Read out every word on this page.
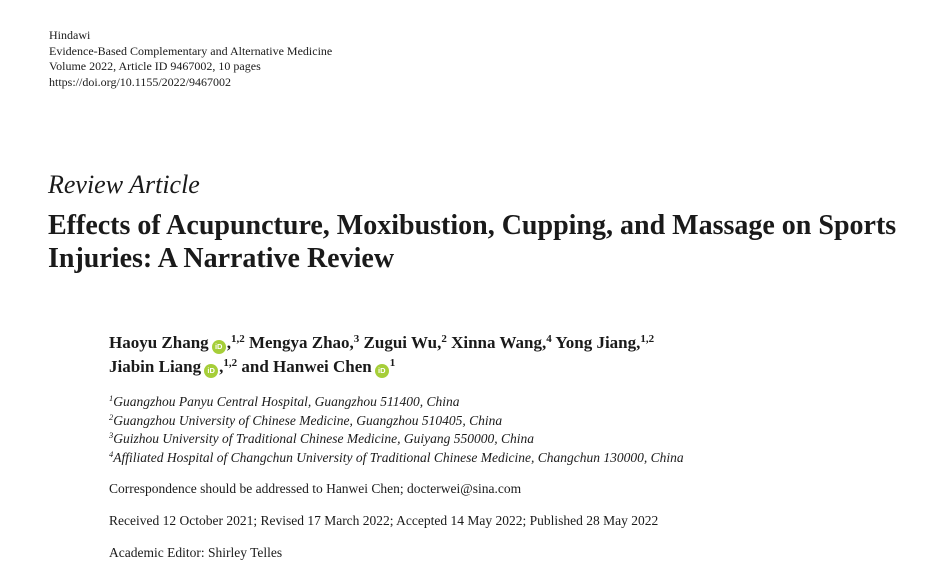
Hindawi
Evidence-Based Complementary and Alternative Medicine
Volume 2022, Article ID 9467002, 10 pages
https://doi.org/10.1155/2022/9467002
Review Article
Effects of Acupuncture, Moxibustion, Cupping, and Massage on Sports Injuries: A Narrative Review
Haoyu Zhang iD ,$^{1,2}$ Mengya Zhao,$^3$ Zugui Wu,$^2$ Xinna Wang,$^4$ Yong Jiang,$^{1,2}$
Jiabin Liang iD ,$^{1,2}$ and Hanwei Chen $iD^1$
$^1$Guangzhou Panyu Central Hospital, Guangzhou 511400, China
$^2$Guangzhou University of Chinese Medicine, Guangzhou 510405, China
$^3$Guizhou University of Traditional Chinese Medicine, Guiyang 550000, China
$^4$Affiliated Hospital of Changchun University of Traditional Chinese Medicine, Changchun 130000, China
Correspondence should be addressed to Hanwei Chen; docterwei@sina.com
Received 12 October 2021; Revised 17 March 2022; Accepted 14 May 2022; Published 28 May 2022
Academic Editor: Shirley Telles
